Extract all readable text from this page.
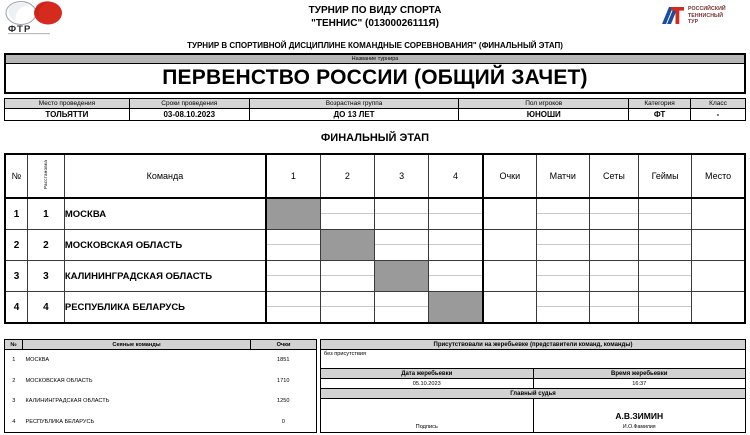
ФТР
ТУРНИР ПО ВИДУ СПОРТА
"ТЕННИС" (01300026111Я)
РОССИЙСКИЙ
ТЕННИСНЫЙ
ТУР
ТУРНИР В СПОРТИВНОЙ ДИСЦИПЛИНЕ КОМАНДНЫЕ СОРЕВНОВАНИЯ" (ФИНАЛЬНЫЙ ЭТАП)
Название турнира
ПЕРВЕНСТВО РОССИИ (ОБЩИЙ ЗАЧЕТ)
Место проведения	Сроки проведения	Возрастная группа	Пол игроков	Категория	Класс
ТОЛЬЯТТИ	03-08.10.2023	ДО 13 ЛЕТ	ЮНОШИ	ФТ	-
ФИНАЛЬНЫЙ ЭТАП
№	Расстановка	Команда	1	2	3	4	Очки	Матчи	Сеты	Геймы	Место
1	1	МОСКВА		

2	2	МОСКОВСКАЯ ОБЛАСТЬ	

3	3	КАЛИНИНГРАДСКАЯ ОБЛАСТЬ	

4	4	РЕСПУБЛИКА БЕЛАРУСЬ	

№	Сеяные команды	Очки
1	МОСКВА	1851
2	МОСКОВСКАЯ ОБЛАСТЬ	1710
3	КАЛИНИНГРАДСКАЯ ОБЛАСТЬ	1250
4	РЕСПУБЛИКА БЕЛАРУСЬ	0
Присутствовали на жеребьевке (представители команд, команды)	
без присутствия	
Дата жеребьевки	Время жеребьевки
05.10.2023	16:37
Главный судья	

Подпись	А.В.ЗИМИН
И.О.Фамилия
